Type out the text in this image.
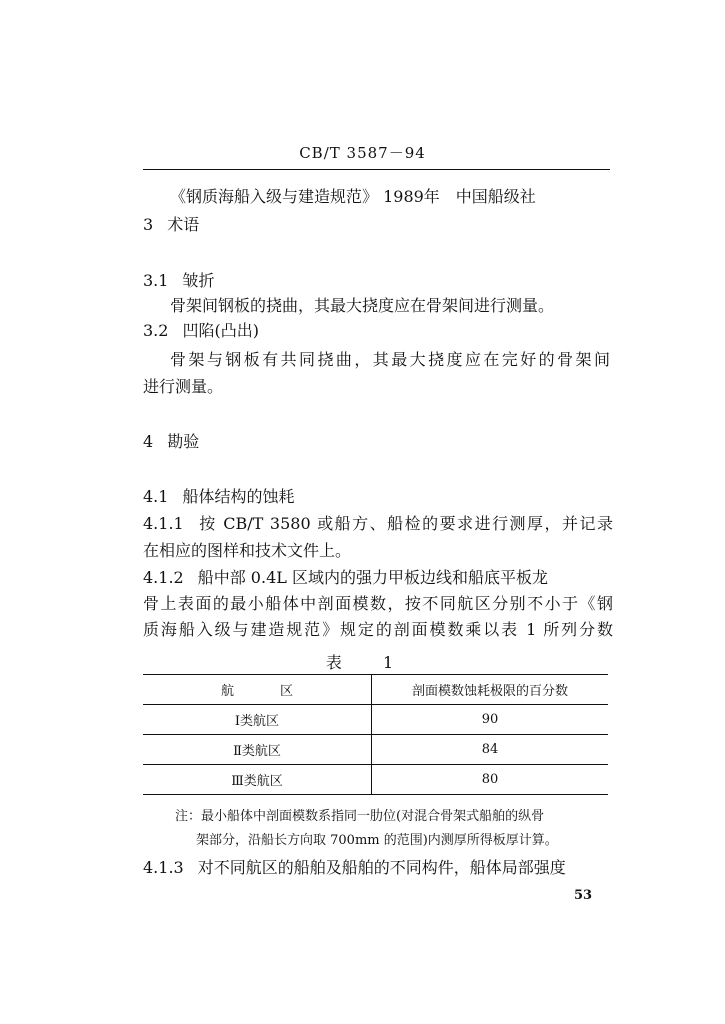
CB/T 3587－94
《钢质海船入级与建造规范》 1989年　中国船级社
3 术语
3.1 皱折
骨架间钢板的挠曲，其最大挠度应在骨架间进行测量。
3.2 凹陷(凸出)
骨架与钢板有共同挠曲，其最大挠度应在完好的骨架间
进行测量。
4 勘验
4.1 船体结构的蚀耗
4.1.1 按 CB/T 3580 或船方、船检的要求进行测厚，并记录
在相应的图样和技术文件上。
4.1.2 船中部 0.4L 区域内的强力甲板边线和船底平板龙
骨上表面的最小船体中剖面模数，按不同航区分别不小于《钢
质海船入级与建造规范》规定的剖面模数乘以表 1 所列分数
表 1
航区	剖面模数蚀耗极限的百分数
Ⅰ类航区	90
Ⅱ类航区	84
Ⅲ类航区	80
注：最小船体中剖面模数系指同一肋位(对混合骨架式船舶的纵骨
架部分，沿船长方向取 700mm 的范围)内测厚所得板厚计算。
4.1.3 对不同航区的船舶及船舶的不同构件，船体局部强度
53
